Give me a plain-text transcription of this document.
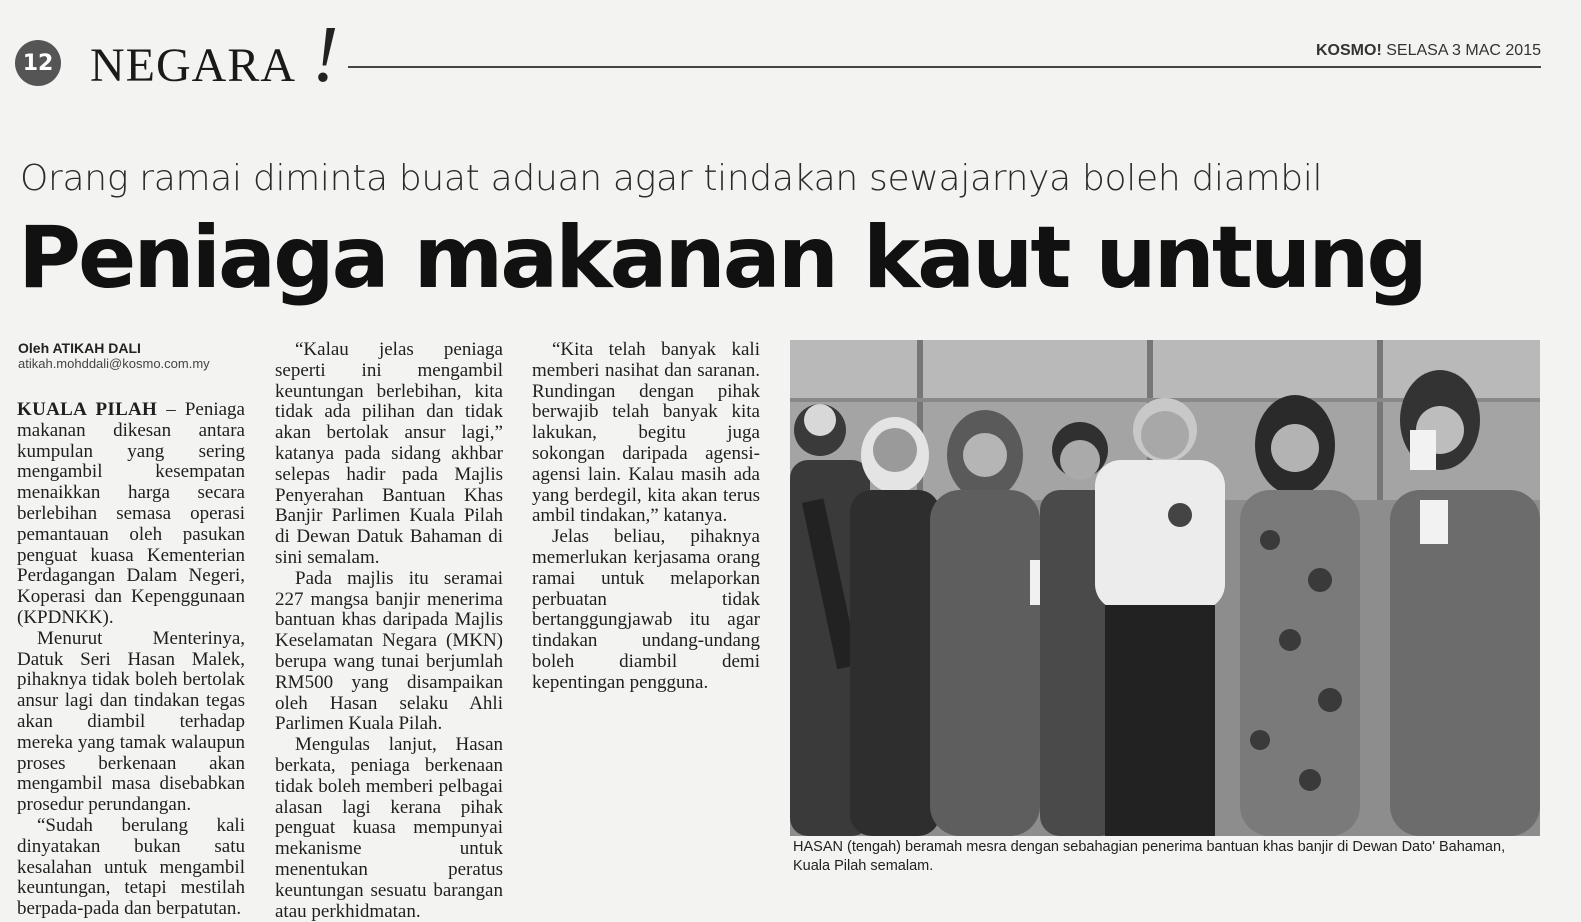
12 NEGARA !	KOSMO! SELASA 3 MAC 2015
Orang ramai diminta buat aduan agar tindakan sewajarnya boleh diambil
Peniaga makanan kaut untung
Oleh ATIKAH DALI
atikah.mohddali@kosmo.com.my

KUALA PILAH – Peniaga makanan dikesan antara kumpulan yang sering mengambil kesempatan menaikkan harga secara berlebihan semasa operasi pemantauan oleh pasukan penguat kuasa Kementerian Perdagangan Dalam Negeri, Koperasi dan Kepenggunaan (KPDNKK).

Menurut Menterinya, Datuk Seri Hasan Malek, pihaknya tidak boleh bertolak ansur lagi dan tindakan tegas akan diambil terhadap mereka yang tamak walaupun proses berkenaan akan mengambil masa disebabkan prosedur perundangan.

“Sudah berulang kali dinyatakan bukan satu kesalahan untuk mengambil keuntungan, tetapi mestilah berpada-pada dan berpatutan.

“Kalau jelas peniaga seperti ini mengambil keuntungan berlebihan, kita tidak ada pilihan dan tidak akan bertolak ansur lagi,” katanya pada sidang akhbar selepas hadir pada Majlis Penyerahan Bantuan Khas Banjir Parlimen Kuala Pilah di Dewan Datuk Bahaman di sini semalam.

Pada majlis itu seramai 227 mangsa banjir menerima bantuan khas daripada Majlis Keselamatan Negara (MKN) berupa wang tunai berjumlah RM500 yang disampaikan oleh Hasan selaku Ahli Parlimen Kuala Pilah.

Mengulas lanjut, Hasan berkata, peniaga berkenaan tidak boleh memberi pelbagai alasan lagi kerana pihak penguat kuasa mempunyai mekanisme untuk menentukan peratus keuntungan sesuatu barangan atau perkhidmatan.

“Kita telah banyak kali memberi nasihat dan saranan. Rundingan dengan pihak berwajib telah banyak kita lakukan, begitu juga sokongan daripada agensi-agensi lain. Kalau masih ada yang berdegil, kita akan terus ambil tindakan,” katanya.

Jelas beliau, pihaknya memerlukan kerjasama orang ramai untuk melaporkan perbuatan tidak bertanggungjawab itu agar tindakan undang-undang boleh diambil demi kepentingan pengguna.

HASAN (tengah) beramah mesra dengan sebahagian penerima bantuan khas banjir di Dewan Dato' Bahaman, Kuala Pilah semalam.
